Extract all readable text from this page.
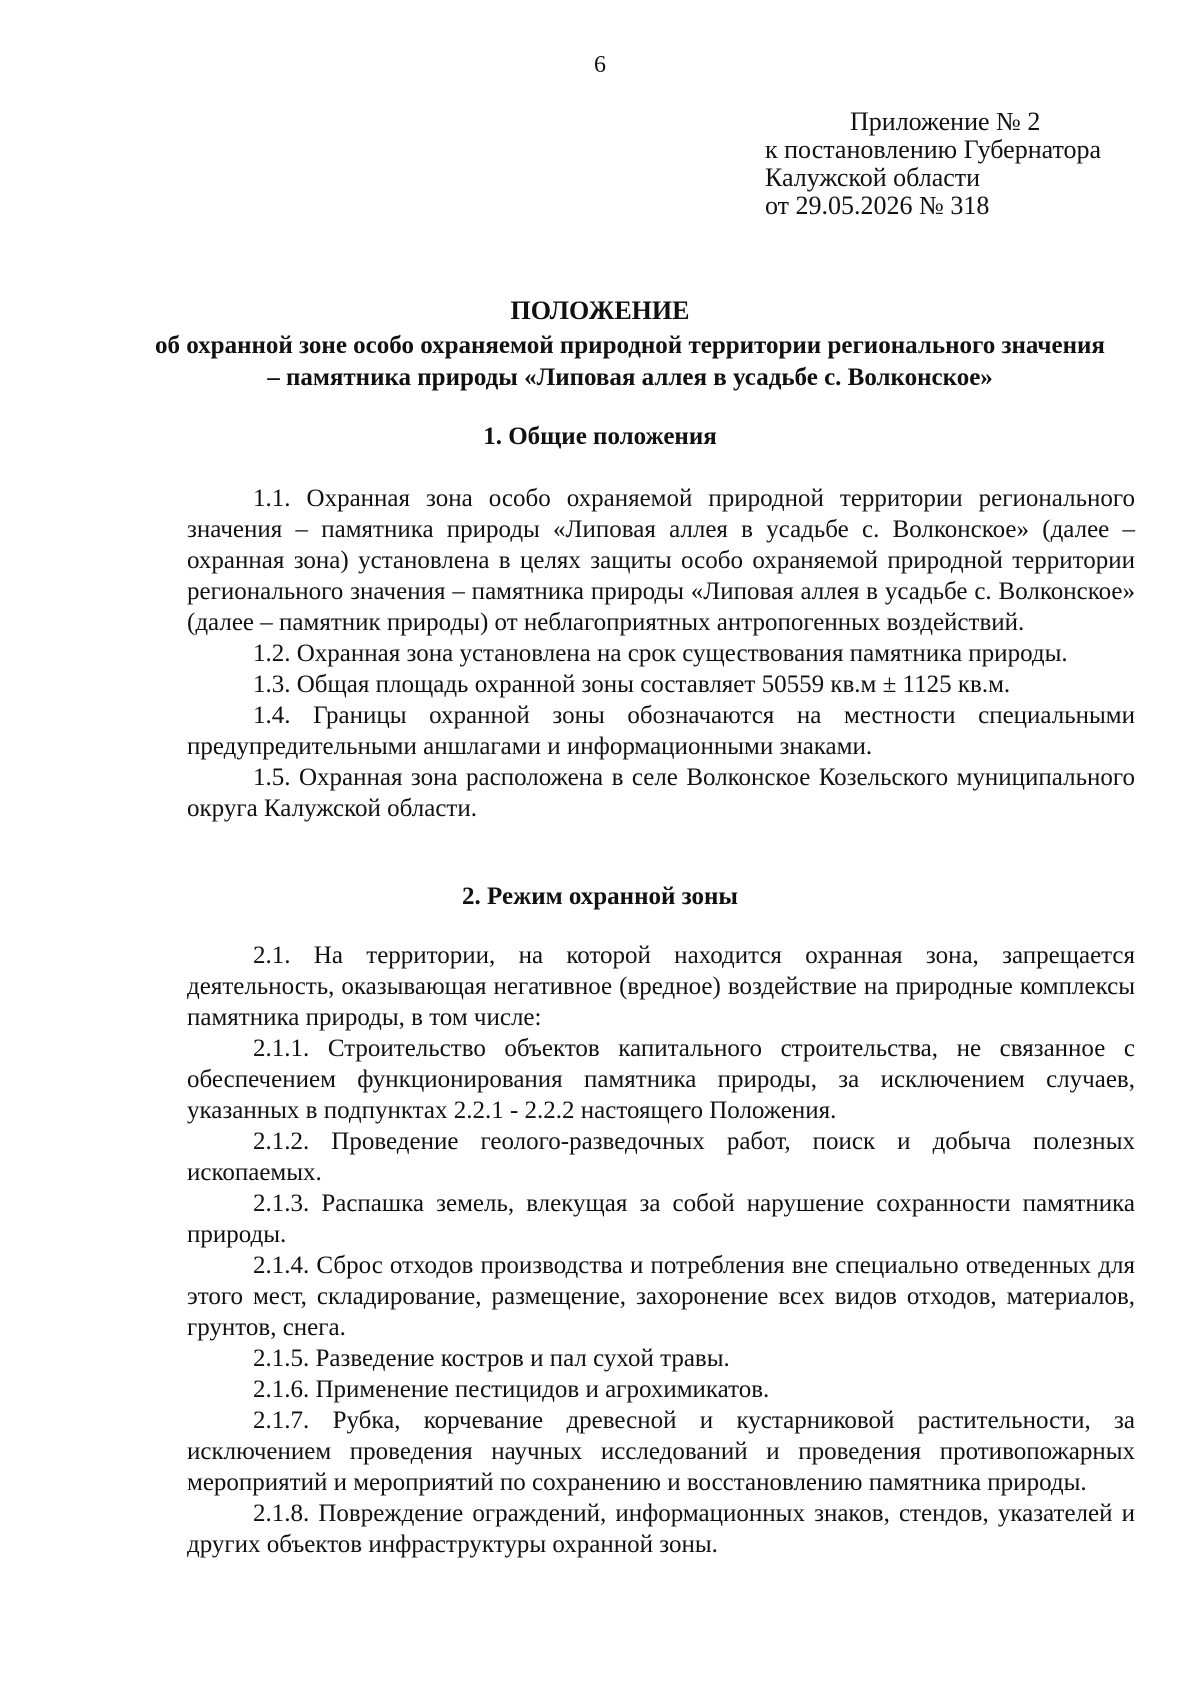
6
Приложение № 2
к постановлению Губернатора
Калужской области
от 29.05.2026 № 318
ПОЛОЖЕНИЕ
об охранной зоне особо охраняемой природной территории регионального значения – памятника природы «Липовая аллея в усадьбе с. Волконское»
1. Общие положения

1.1. Охранная зона особо охраняемой природной территории регионального значения – памятника природы «Липовая аллея в усадьбе с. Волконское» (далее – охранная зона) установлена в целях защиты особо охраняемой природной территории регионального значения – памятника природы «Липовая аллея в усадьбе с. Волконское» (далее – памятник природы) от неблагоприятных антропогенных воздействий.

1.2. Охранная зона установлена на срок существования памятника природы.

1.3. Общая площадь охранной зоны составляет 50559 кв.м ± 1125 кв.м.

1.4. Границы охранной зоны обозначаются на местности специальными предупредительными аншлагами и информационными знаками.

1.5. Охранная зона расположена в селе Волконское Козельского муниципального округа Калужской области.

2. Режим охранной зоны

2.1. На территории, на которой находится охранная зона, запрещается деятельность, оказывающая негативное (вредное) воздействие на природные комплексы памятника природы, в том числе:

2.1.1. Строительство объектов капитального строительства, не связанное с обеспечением функционирования памятника природы, за исключением случаев, указанных в подпунктах 2.2.1 - 2.2.2 настоящего Положения.

2.1.2. Проведение геолого-разведочных работ, поиск и добыча полезных ископаемых.

2.1.3. Распашка земель, влекущая за собой нарушение сохранности памятника природы.

2.1.4. Сброс отходов производства и потребления вне специально отведенных для этого мест, складирование, размещение, захоронение всех видов отходов, материалов, грунтов, снега.

2.1.5. Разведение костров и пал сухой травы.

2.1.6. Применение пестицидов и агрохимикатов.

2.1.7. Рубка, корчевание древесной и кустарниковой растительности, за исключением проведения научных исследований и проведения противопожарных мероприятий и мероприятий по сохранению и восстановлению памятника природы.

2.1.8. Повреждение ограждений, информационных знаков, стендов, указателей и других объектов инфраструктуры охранной зоны.
